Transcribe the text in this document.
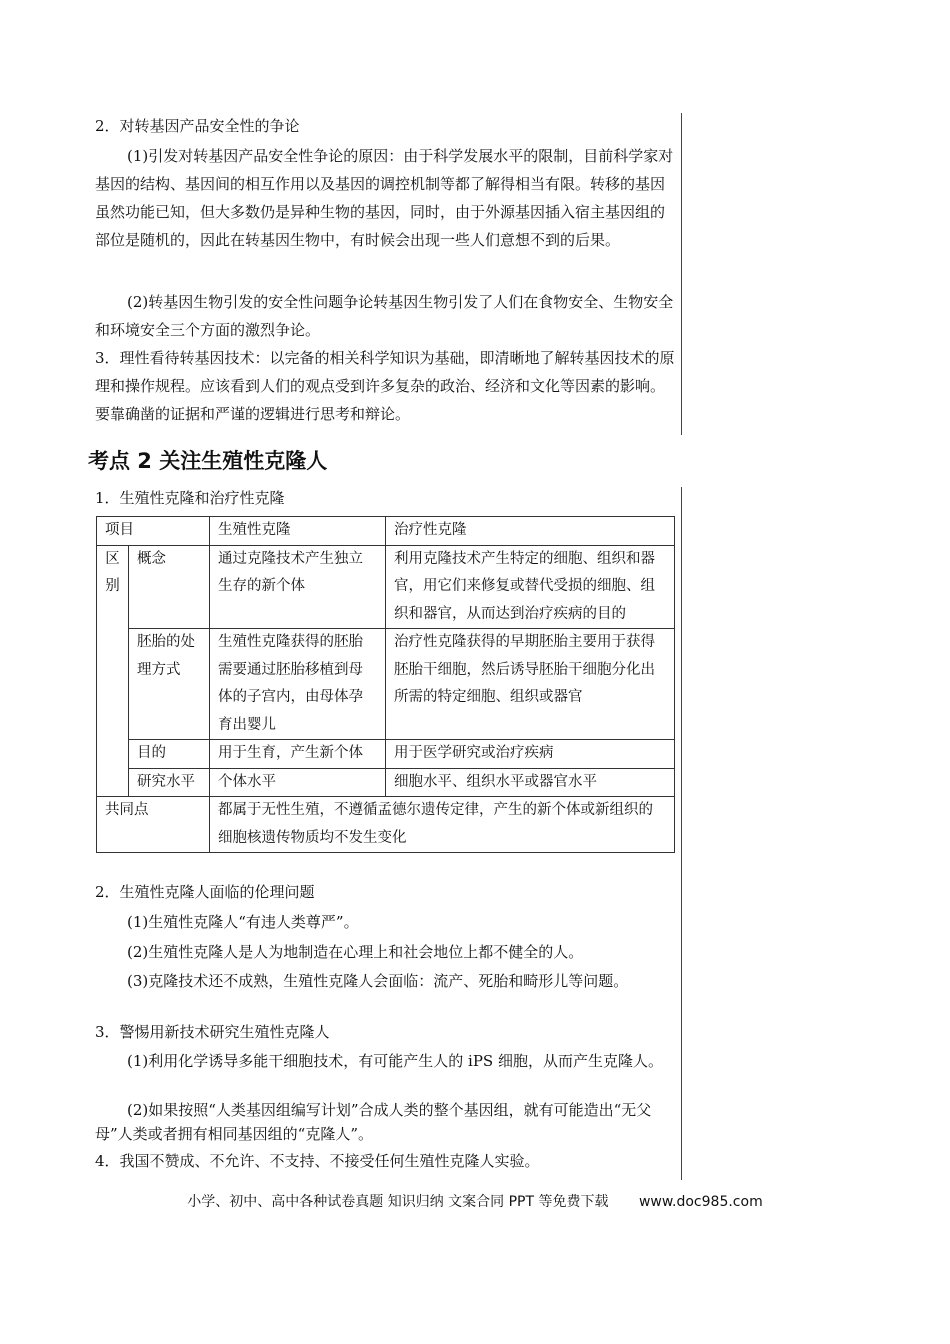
2．对转基因产品安全性的争论

(1)引发对转基因产品安全性争论的原因：由于科学发展水平的限制，目前科学家对基因的结构、基因间的相互作用以及基因的调控机制等都了解得相当有限。转移的基因虽然功能已知，但大多数仍是异种生物的基因，同时，由于外源基因插入宿主基因组的部位是随机的，因此在转基因生物中，有时候会出现一些人们意想不到的后果。

(2)转基因生物引发的安全性问题争论转基因生物引发了人们在食物安全、生物安全和环境安全三个方面的激烈争论。

3．理性看待转基因技术：以完备的相关科学知识为基础，即清晰地了解转基因技术的原理和操作规程。应该看到人们的观点受到许多复杂的政治、经济和文化等因素的影响。要靠确凿的证据和严谨的逻辑进行思考和辩论。

考点 2 关注生殖性克隆人

1．生殖性克隆和治疗性克隆

项目		生殖性克隆	治疗性克隆
区别	概念	通过克隆技术产生独立生存的新个体	利用克隆技术产生特定的细胞、组织和器官，用它们来修复或替代受损的细胞、组织和器官，从而达到治疗疾病的目的
	胚胎的处理方式	生殖性克隆获得的胚胎需要通过胚胎移植到母体的子宫内，由母体孕育出婴儿	治疗性克隆获得的早期胚胎主要用于获得胚胎干细胞，然后诱导胚胎干细胞分化出所需的特定细胞、组织或器官
	目的	用于生育，产生新个体	用于医学研究或治疗疾病
	研究水平	个体水平	细胞水平、组织水平或器官水平
共同点		都属于无性生殖，不遵循孟德尔遗传定律，产生的新个体或新组织的细胞核遗传物质均不发生变化	

2．生殖性克隆人面临的伦理问题

(1)生殖性克隆人“有违人类尊严”。

(2)生殖性克隆人是人为地制造在心理上和社会地位上都不健全的人。

(3)克隆技术还不成熟，生殖性克隆人会面临：流产、死胎和畸形儿等问题。

3．警惕用新技术研究生殖性克隆人

(1)利用化学诱导多能干细胞技术，有可能产生人的 iPS 细胞，从而产生克隆人。

(2)如果按照“人类基因组编写计划”合成人类的整个基因组，就有可能造出“无父母”人类或者拥有相同基因组的“克隆人”。

4．我国不赞成、不允许、不支持、不接受任何生殖性克隆人实验。

小学、初中、高中各种试卷真题 知识归纳 文案合同 PPT 等免费下载 www.doc985.com
